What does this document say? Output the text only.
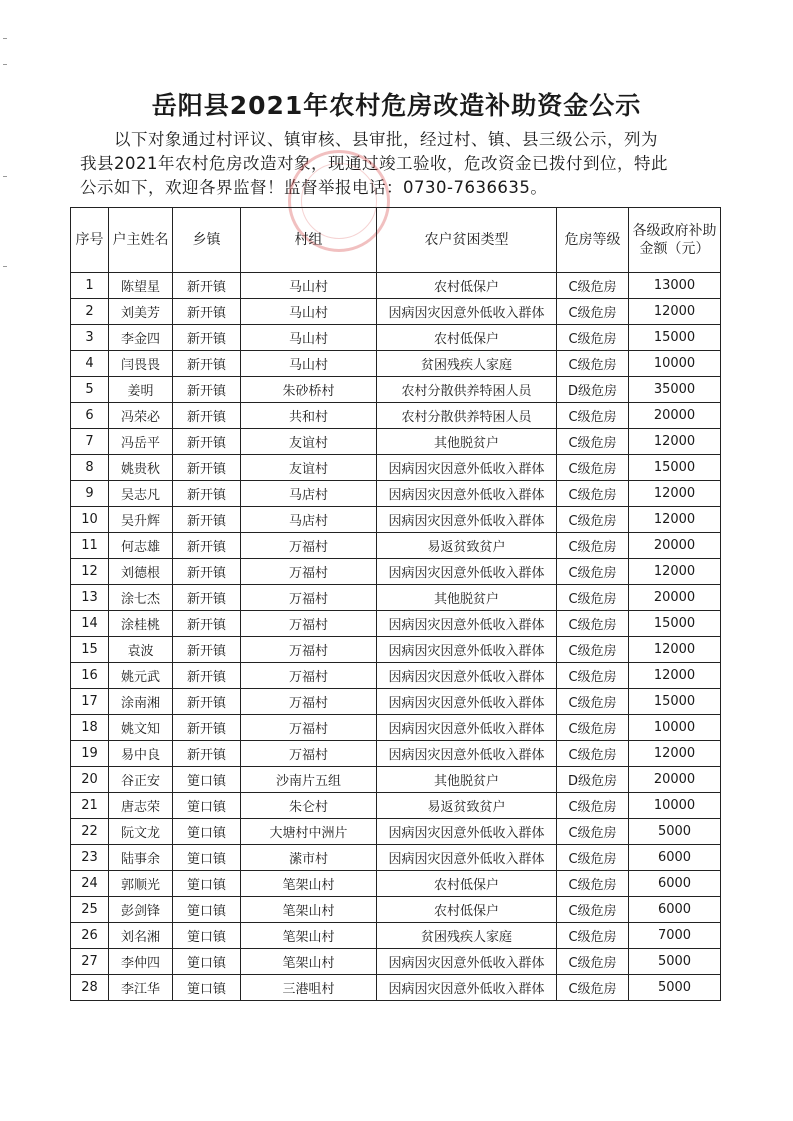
岳阳县2021年农村危房改造补助资金公示

以下对象通过村评议、镇审核、县审批，经过村、镇、县三级公示，列为

我县2021年农村危房改造对象，现通过竣工验收，危改资金已拨付到位，特此

公示如下，欢迎各界监督！监督举报电话：0730-7636635。

序号	户主姓名	乡镇	村组	农户贫困类型	危房等级	各级政府补助金额（元）
1	陈望星	新开镇	马山村	农村低保户	C级危房	13000
2	刘美芳	新开镇	马山村	因病因灾因意外低收入群体	C级危房	12000
3	李金四	新开镇	马山村	农村低保户	C级危房	15000
4	闫畏畏	新开镇	马山村	贫困残疾人家庭	C级危房	10000
5	姜明	新开镇	朱砂桥村	农村分散供养特困人员	D级危房	35000
6	冯荣必	新开镇	共和村	农村分散供养特困人员	C级危房	20000
7	冯岳平	新开镇	友谊村	其他脱贫户	C级危房	12000
8	姚贵秋	新开镇	友谊村	因病因灾因意外低收入群体	C级危房	15000
9	吴志凡	新开镇	马店村	因病因灾因意外低收入群体	C级危房	12000
10	吴升辉	新开镇	马店村	因病因灾因意外低收入群体	C级危房	12000
11	何志雄	新开镇	万福村	易返贫致贫户	C级危房	20000
12	刘德根	新开镇	万福村	因病因灾因意外低收入群体	C级危房	12000
13	涂七杰	新开镇	万福村	其他脱贫户	C级危房	20000
14	涂桂桃	新开镇	万福村	因病因灾因意外低收入群体	C级危房	15000
15	袁波	新开镇	万福村	因病因灾因意外低收入群体	C级危房	12000
16	姚元武	新开镇	万福村	因病因灾因意外低收入群体	C级危房	12000
17	涂南湘	新开镇	万福村	因病因灾因意外低收入群体	C级危房	15000
18	姚文知	新开镇	万福村	因病因灾因意外低收入群体	C级危房	10000
19	易中良	新开镇	万福村	因病因灾因意外低收入群体	C级危房	12000
20	谷正安	筻口镇	沙南片五组	其他脱贫户	D级危房	20000
21	唐志荣	筻口镇	朱仑村	易返贫致贫户	C级危房	10000
22	阮文龙	筻口镇	大塘村中洲片	因病因灾因意外低收入群体	C级危房	5000
23	陆事余	筻口镇	潆市村	因病因灾因意外低收入群体	C级危房	6000
24	郭顺光	筻口镇	笔架山村	农村低保户	C级危房	6000
25	彭剑锋	筻口镇	笔架山村	农村低保户	C级危房	6000
26	刘名湘	筻口镇	笔架山村	贫困残疾人家庭	C级危房	7000
27	李仲四	筻口镇	笔架山村	因病因灾因意外低收入群体	C级危房	5000
28	李江华	筻口镇	三港咀村	因病因灾因意外低收入群体	C级危房	5000
